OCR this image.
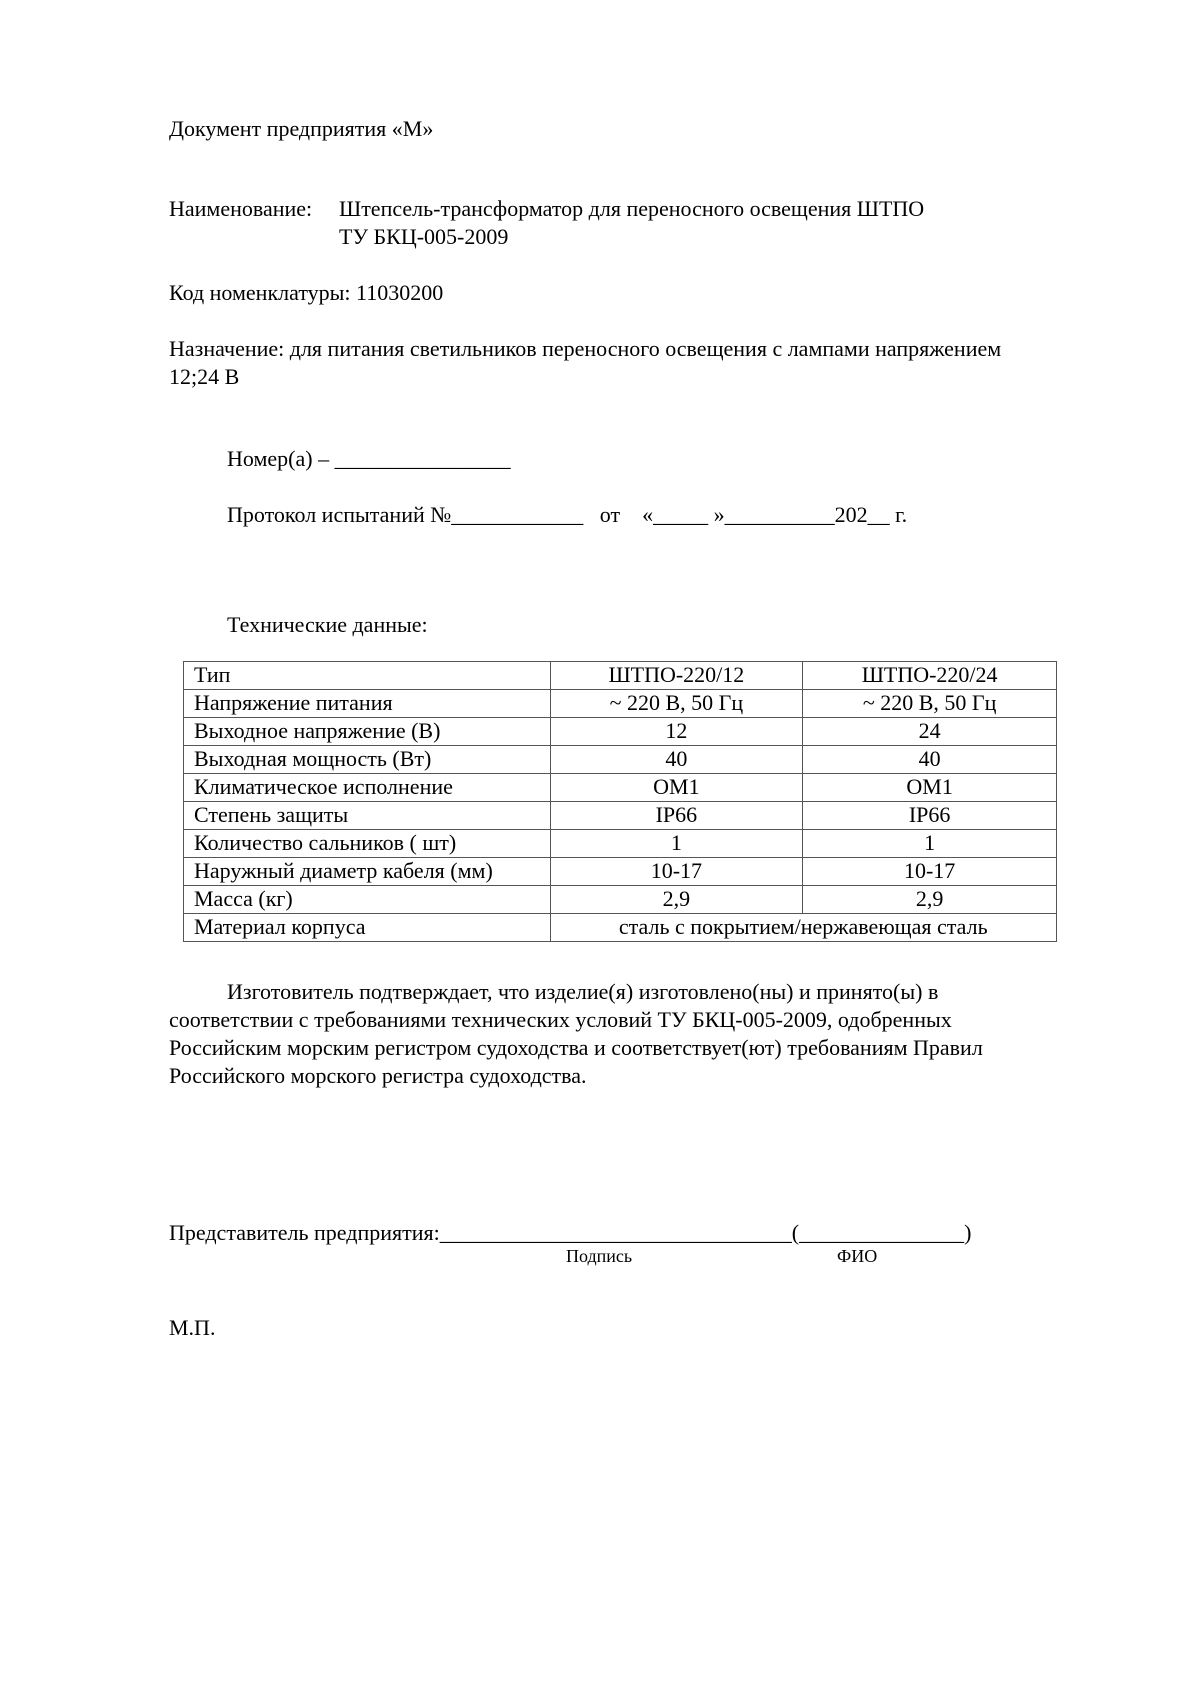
Документ предприятия «М»
Наименование: Штепсель-трансформатор для переносного освещения ШТПО
ТУ БКЦ-005-2009
Код номенклатуры: 11030200
Назначение: для питания светильников переносного освещения с лампами напряжением
12;24 В
Номер(а) – ________________
Протокол испытаний №____________ от «_____ »__________202__ г.
Технические данные:
Тип	ШТПО-220/12	ШТПО-220/24
Напряжение питания	~ 220 В, 50 Гц	~ 220 В, 50 Гц
Выходное напряжение (В)	12	24
Выходная мощность (Вт)	40	40
Климатическое исполнение	ОМ1	ОМ1
Степень защиты	IP66	IP66
Количество сальников ( шт)	1	1
Наружный диаметр кабеля (мм)	10-17	10-17
Масса (кг)	2,9	2,9
Материал корпуса	сталь с покрытием/нержавеющая сталь	
Изготовитель подтверждает, что изделие(я) изготовлено(ны) и принято(ы) в
соответствии с требованиями технических условий ТУ БКЦ-005-2009, одобренных
Российским морским регистром судоходства и соответствует(ют) требованиям Правил
Российского морского регистра судоходства.
Представитель предприятия:________________________________(_______________)
Подпись	ФИО
М.П.
